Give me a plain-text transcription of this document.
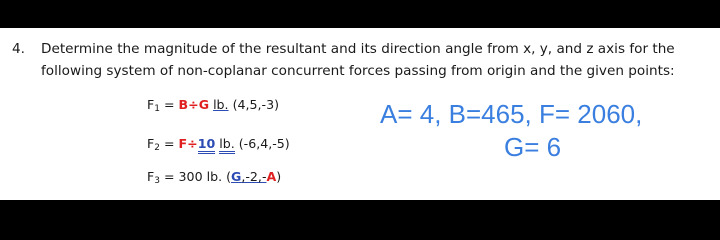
4. Determine the magnitude of the resultant and its direction angle from x, y, and z axis for the following system of non-coplanar concurrent forces passing from origin and the given points:
$F_1 = B\div G$ lb. (4,5,-3)
$F_2 = F\div 10$ lb. (-6,4,-5)
$F_3 = 300$ lb. (G,-2,-A)
A= 4, B=465, F= 2060,
G= 6
